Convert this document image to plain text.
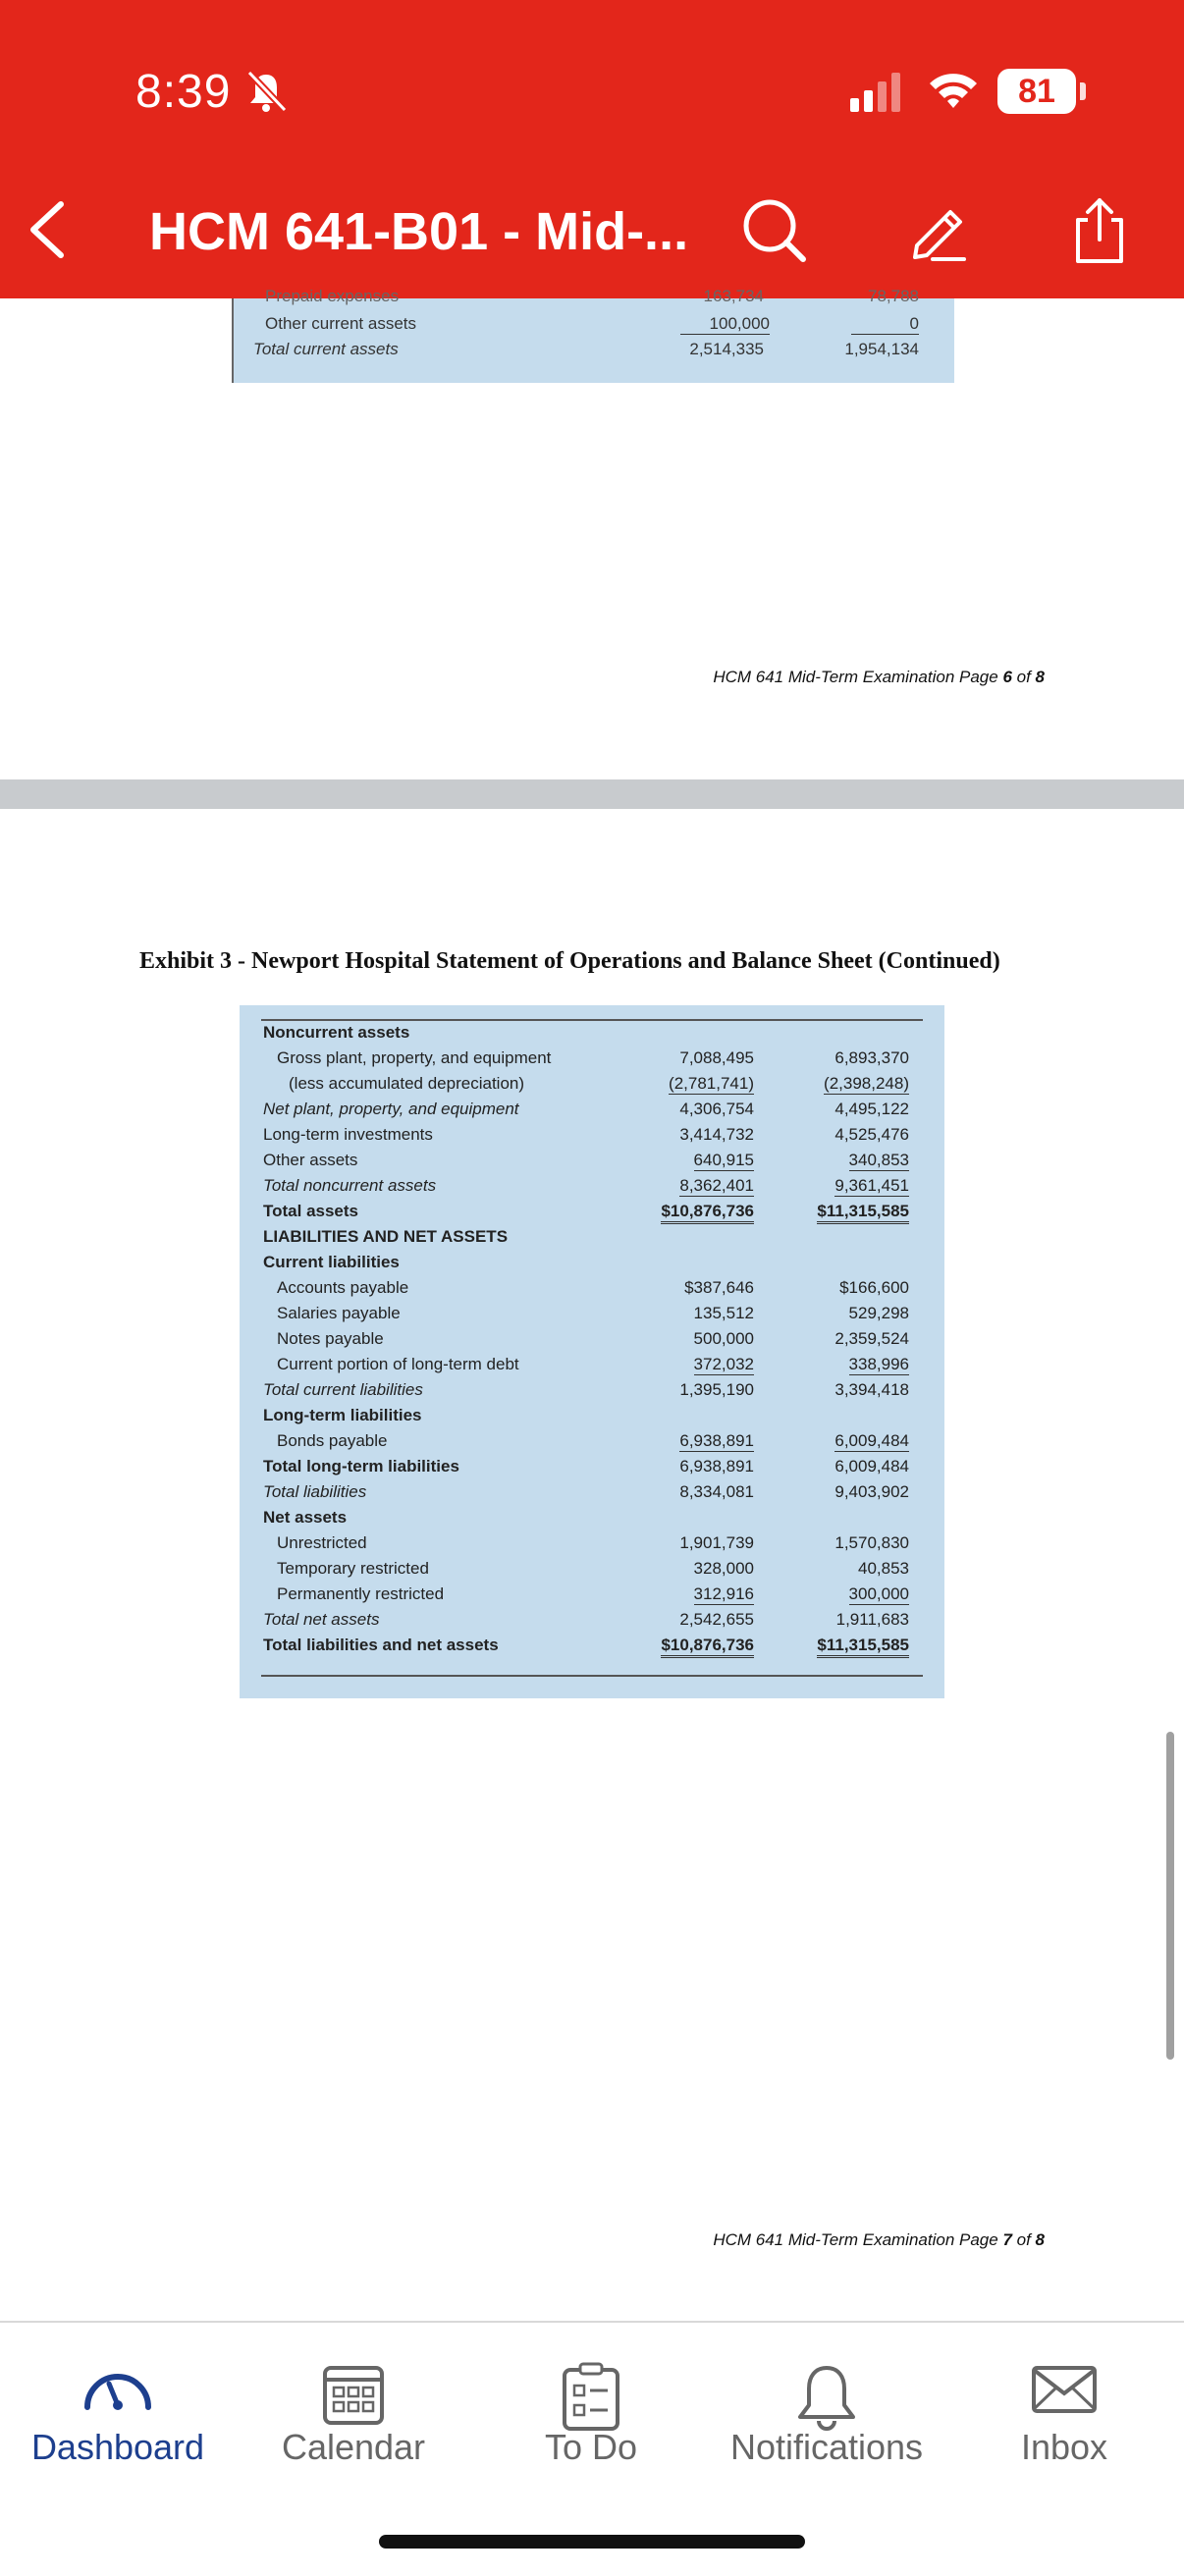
8:39	81
HCM 641-B01 - Mid-...
Prepaid expenses	163,734	78,788
Other current assets	100,000	0
Total current assets	2,514,335	1,954,134
HCM 641 Mid-Term Examination Page 6 of 8
Exhibit 3 - Newport Hospital Statement of Operations and Balance Sheet (Continued)
Noncurrent assets
Gross plant, property, and equipment	7,088,495	6,893,370
(less accumulated depreciation)	(2,781,741)	(2,398,248)
Net plant, property, and equipment	4,306,754	4,495,122
Long-term investments	3,414,732	4,525,476
Other assets	640,915	340,853
Total noncurrent assets	8,362,401	9,361,451
Total assets	$10,876,736	$11,315,585
LIABILITIES AND NET ASSETS
Current liabilities
Accounts payable	$387,646	$166,600
Salaries payable	135,512	529,298
Notes payable	500,000	2,359,524
Current portion of long-term debt	372,032	338,996
Total current liabilities	1,395,190	3,394,418
Long-term liabilities
Bonds payable	6,938,891	6,009,484
Total long-term liabilities	6,938,891	6,009,484
Total liabilities	8,334,081	9,403,902
Net assets
Unrestricted	1,901,739	1,570,830
Temporary restricted	328,000	40,853
Permanently restricted	312,916	300,000
Total net assets	2,542,655	1,911,683
Total liabilities and net assets	$10,876,736	$11,315,585
HCM 641 Mid-Term Examination Page 7 of 8
Dashboard	Calendar	To Do	Notifications	Inbox
